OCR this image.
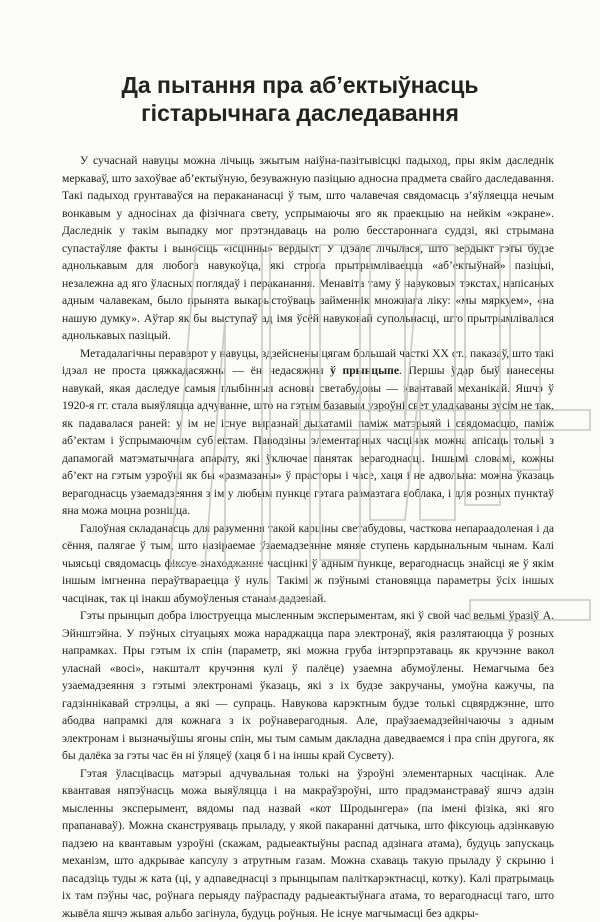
Да пытання пра аб’ектыўнасць
гістарычнага даследавання

У сучаснай навуцы можна лічыць зжытым наіўна-пазітывісцкі падыход, пры якім даследнік меркаваў, што захоўвае аб’ектыўную, безуважную пазіцыю адносна прадмета свайго даследавання. Такі падыход грунтаваўся на перакананасці ў тым, што чалавечая свядомасць з’яўляецца нечым вонкавым у адносінах да фізічнага свету, успрымаючы яго як праекцыю на нейкім «экране». Даследнік у такім выпадку мог прэтэндаваць на ролю бесстароннага суддзі, які стрымана супастаўляе факты і выносіць «ісцінны» вердыкт. У ідэале лічылася, што вердыкт гэты будзе аднолькавым для любога навукоўца, які строга прытрымліваецца «аб’ектыўнай» пазіцыі, незалежна ад яго ўласных поглядаў і пераканання. Менавіта таму ў навуковых тэкстах, напісаных адным чалавекам, было прынята выкарыстоўваць займеннік множнага ліку: «мы мяркуем», «на нашую думку». Аўтар як бы выступаў ад імя ўсёй навуковай супольнасці, што прытрымлівалася аднолькавых пазіцый.

Метадалагічны пераварот у навуцы, здзейснены цягам большай часткі XX ст., паказаў, што такі ідэал не проста цяжкадасяжны — ён недасяжны ў прынцыпе. Першы ўдар быў нанесены навукай, якая даследуе самыя глыбінныя асновы светабудовы — квантавай механікай. Яшчэ ў 1920-я гг. стала выяўляцца адчуванне, што на гэтым базавым узроўні свет уладкаваны зусім не так, як падавалася раней: у ім не існуе выразнай дыхатаміі паміж матэрыяй і свядомасцю, паміж аб’ектам і ўспрымаючым суб’ектам. Паводзіны элементарных часцінак можна апісаць толькі з дапамогай матэматычнага апарату, які ўключае панятак верагоднасці. Іншымі словамі, кожны аб’ект на гэтым узроўні як бы «размазаны» ў прасторы і часе, хаця і не адвольна: можна ўказаць верагоднасць узаемадзеяння з ім у любым пункце гэтага размазтага воблака, і для розных пунктаў яна можа моцна розніцца.

Галоўная складанасць для разумення такой карціны светабудовы, часткова непараадоленая і да сёння, палягае ў тым, што назіраемае ўзаемадзеянне мяняе ступень кардынальным чынам. Калі чыясьці свядомасць фіксуе знаходжанне часцінкі ў адным пункце, верагоднасць знайсці яе ў якім іншым імгненна пераўтвараецца ў нуль. Такімі ж пэўнымі становяцца параметры ўсіх іншых часцінак, так ці інакш абумоўленыя станам дадзенай.

Гэты прынцып добра ілюструецца мысленным эксперыментам, які ў свой час вельмі ўразіў А. Эйнштэйна. У пэўных сітуацыях можа нараджацца пара электронаў, якія разлятаюцца ў розных напрамках. Пры гэтым іх спін (параметр, які можна груба інтэрпрэтаваць як кручэнне вакол уласнай «восі», накшталт кручэння кулі ў палёце) узаемна абумоўлены. Немагчыма без узаемадзеяння з гэтымі электронамі ўказаць, які з іх будзе закручаны, умоўна кажучы, па гадзіннікавай стрэлцы, а які — супраць. Навукова карэктным будзе толькі сцвярджэнне, што абодва напрамкі для кожнага з іх роўнаверагодныя. Але, праўзаемадзейнічаючы з адным электронам і вызначыўшы ягоны спін, мы тым самым дакладна даведваемся і пра спін другога, як бы далёка за гэты час ён ні ўляцеў (хаця б і на іншы край Сусвету).

Гэтая ўласцівасць матэрыі адчувальная толькі на ўзроўні элементарных часцінак. Але квантавая няпэўнасць можа выяўляцца і на макраўзроўні, што прадэманстраваў яшчэ адзін мысленны эксперымент, вядомы пад назвай «кот Шродынгера» (па імені фізіка, які яго прапанаваў). Можна сканструяваць прыладу, у якой пакаранні датчыка, што фіксуюць адзінкавую падзею на квантавым узроўні (скажам, радыеактыўны распад адзінага атама), будуць запускаць механізм, што адкрывае капсулу з атрутным газам. Можна схаваць такую прыладу ў скрыню і пасадзіць туды ж ката (ці, у адпаведнасці з прынцыпам паліткарэктнасці, котку). Калі пратрымаць іх там пэўны час, роўнага перыяду паўраспаду радыеактыўнага атама, то верагоднасці таго, што жывёла яшчэ жывая альбо загінула, будуць роўныя. Не існуе магчымасці без адкры-
